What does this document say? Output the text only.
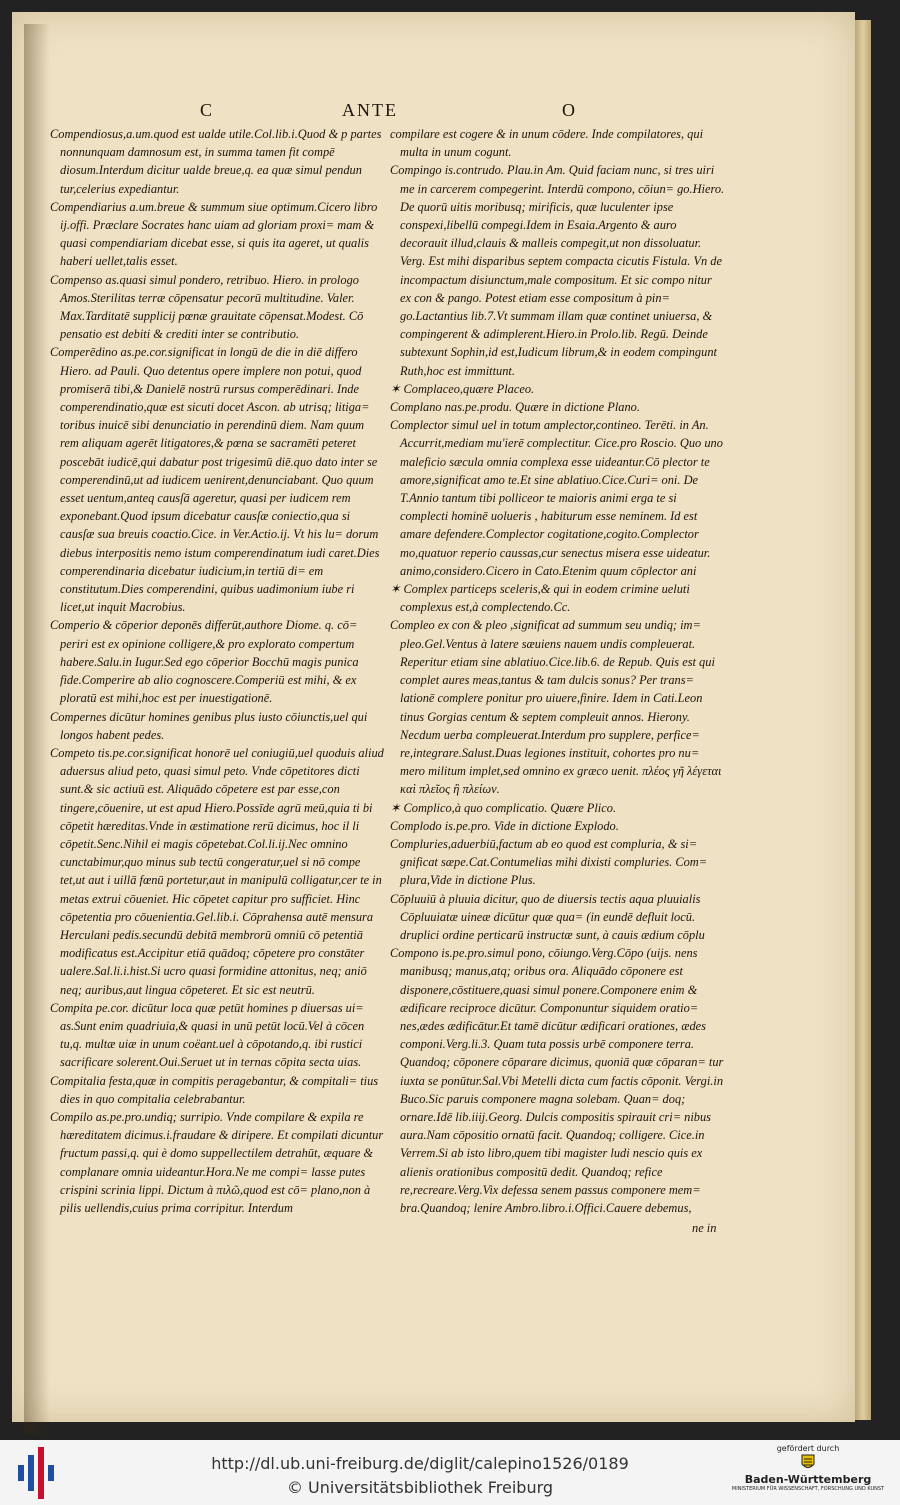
C	ANTE	O

Compendiosus,a.um.quod est ualde utile.Col.lib.i.Quod & p partes nonnunquam damnosum est, in summa tamen fit compē diosum.Interdum dicitur ualde breue,q. ea quæ simul pendun tur,celerius expediantur.

Compendiarius a.um.breue & summum siue optimum.Cicero libro ij.offi. Præclare Socrates hanc uiam ad gloriam proxi= mam & quasi compendiariam dicebat esse, si quis ita ageret, ut qualis haberi uellet,talis esset.

Compenso as.quasi simul pondero, retribuo. Hiero. in prologo Amos.Sterilitas terræ cōpensatur pecorū multitudine. Valer. Max.Tarditatē supplicij pœnæ grauitate cōpensat.Modest. Cō pensatio est debiti & crediti inter se contributio.

Comperēdino as.pe.cor.significat in longū de die in diē differo Hiero. ad Pauli. Quo detentus opere implere non potui, quod promiserā tibi,& Danielē nostrū rursus comperēdinari. Inde comperendinatio,quæ est sicuti docet Ascon. ab utrisq; litiga= toribus inuicē sibi denunciatio in perendinū diem. Nam quum rem aliquam agerēt litigatores,& pœna se sacramēti peteret poscebāt iudicē,qui dabatur post trigesimū diē.quo dato inter se comperendinū,ut ad iudicem uenirent,denunciabant. Quo quum esset uentum,anteq causſā ageretur, quasi per iudicem rem exponebant.Quod ipsum dicebatur causſæ coniectio,qua si causſæ sua breuis coactio.Cice. in Ver.Actio.ij. Vt his lu= dorum diebus interpositis nemo istum comperendinatum iudi caret.Dies comperendinaria dicebatur iudicium,in tertiū di= em constitutum.Dies comperendini, quibus uadimonium iube ri licet,ut inquit Macrobius.

Comperio & cōperior deponēs differūt,authore Diome. q. cō= periri est ex opinione colligere,& pro explorato compertum habere.Salu.in Iugur.Sed ego cōperior Bocchū magis punica fide.Comperire ab alio cognoscere.Comperiū est mihi, & ex ploratū est mihi,hoc est per inuestigationē.

Compernes dicūtur homines genibus plus iusto cōiunctis,uel qui longos habent pedes.

Competo tis.pe.cor.significat honorē uel coniugiū,uel quoduis aliud aduersus aliud peto, quasi simul peto. Vnde cōpetitores dicti sunt.& sic actiuū est. Aliquādo cōpetere est par esse,con tingere,cōuenire, ut est apud Hiero.Possīde agrū meū,quia ti bi cōpetit hæreditas.Vnde in æstimatione rerū dicimus, hoc il li cōpetit.Senc.Nihil ei magis cōpetebat.Col.li.ij.Nec omnino cunctabimur,quo minus sub tectū congeratur,uel si nō compe tet,ut aut i uillā fœnū portetur,aut in manipulū colligatur,cer te in metas extrui cōueniet. Hic cōpetet capitur pro sufficiet. Hinc cōpetentia pro cōuenientia.Gel.lib.i. Cōprahensa autē mensura Herculani pedis.secundū debitā membrorū omniū cō petentiā modificatus est.Accipitur etiā quādoq; cōpetere pro constāter ualere.Sal.li.i.hist.Si ucro quasi formidine attonitus, neq; aniō neq; auribus,aut lingua cōpeteret. Et sic est neutrū.

Compita pe.cor. dicūtur loca quæ petūt homines p diuersas ui= as.Sunt enim quadriuia,& quasi in unū petūt locū.Vel à cōcen tu,q. multæ uiæ in unum coëant.uel à cōpotando,q. ibi rustici sacrificare solerent.Oui.Seruet ut in ternas cōpita secta uias.

Compitalia festa,quæ in compitis peragebantur, & compitali= tius dies in quo compitalia celebrabantur.

Compilo as.pe.pro.undiq; surripio. Vnde compilare & expila re hæreditatem dicimus.i.fraudare & diripere. Et compilati dicuntur fructum passi,q. qui è domo suppellectilem detrahūt, æquare & complanare omnia uideantur.Hora.Ne me compi= lasse putes crispini scrinia lippi. Dictum à πιλῶ,quod est cō= plano,non à pilis uellendis,cuius prima corripitur. Interdum

compilare est cogere & in unum cōdere. Inde compilatores, qui multa in unum cogunt.

Compingo is.contrudo. Plau.in Am. Quid faciam nunc, si tres uiri me in carcerem compegerint. Interdū compono, cōiun= go.Hiero. De quorū uitis moribusq; mirificis, quæ luculenter ipse conspexi,libellū compegi.Idem in Esaia.Argento & auro decorauit illud,clauis & malleis compegit,ut non dissoluatur. Verg. Est mihi disparibus septem compacta cicutis Fistula. Vn de incompactum disiunctum,male compositum. Et sic compo nitur ex con & pango. Potest etiam esse compositum à pin= go.Lactantius lib.7.Vt summam illam quæ continet uniuersa, & compingerent & adimplerent.Hiero.in Prolo.lib. Regū. Deinde subtexunt Sophin,id est,Iudicum librum,& in eodem compingunt Ruth,hoc est immittunt.

✶ Complaceo,quære Placeo.

Complano nas.pe.produ. Quære in dictione Plano.

Complector simul uel in totum amplector,contineo. Terēti. in An. Accurrit,mediam mu'ierē complectitur. Cice.pro Roscio. Quo uno maleficio sæcula omnia complexa esse uideantur.Cō plector te amore,significat amo te.Et sine ablatiuo.Cice.Curi= oni. De T.Annio tantum tibi polliceor te maioris animi erga te si complecti hominē uolueris , habiturum esse neminem. Id est amare defendere.Complector cogitatione,cogito.Complector mo,quatuor reperio caussas,cur senectus misera esse uideatur. animo,considero.Cicero in Cato.Etenim quum cōplector ani

✶ Complex particeps sceleris,& qui in eodem crimine ueluti complexus est,à complectendo.Cc.

Compleo ex con & pleo ,significat ad summum seu undiq; im= pleo.Gel.Ventus à latere sæuiens nauem undis compleuerat. Reperitur etiam sine ablatiuo.Cice.lib.6. de Repub. Quis est qui complet aures meas,tantus & tam dulcis sonus? Per trans= lationē complere ponitur pro uiuere,finire. Idem in Cati.Leon tinus Gorgias centum & septem compleuit annos. Hierony. Necdum uerba compleuerat.Interdum pro supplere, perfice= re,integrare.Salust.Duas legiones instituit, cohortes pro nu= mero militum implet,sed omnino ex græco uenit. πλέος γῆ λέγεται καὶ πλεῖος ἢ πλείων.

✶ Complico,à quo complicatio. Quære Plico.

Complodo is.pe.pro. Vide in dictione Explodo.

Compluries,aduerbiū,factum ab eo quod est compluria, & si= gnificat sæpe.Cat.Contumelias mihi dixisti compluries. Com= plura,Vide in dictione Plus.

Cōpluuiū à pluuia dicitur, quo de diuersis tectis aqua pluuialis Cōpluuiatæ uineæ dicūtur quæ qua= (in eundē defluit locū. druplici ordine perticarū instructæ sunt, à cauis ædium cōplu

Compono is.pe.pro.simul pono, cōiungo.Verg.Cōpo (uijs. nens manibusq; manus,atq; oribus ora. Aliquādo cōponere est disponere,cōstituere,quasi simul ponere.Componere enim & ædificare reciproce dicūtur. Componuntur siquidem oratio= nes,ædes ædificātur.Et tamē dicūtur ædificari orationes, ædes componi.Verg.li.3. Quam tuta possis urbē componere terra. Quandoq; cōponere cōparare dicimus, quoniā quæ cōparan= tur iuxta se ponūtur.Sal.Vbi Metelli dicta cum factis cōponit. Vergi.in Buco.Sic paruis componere magna solebam. Quan= doq; ornare.Idē lib.iiij.Georg. Dulcis compositis spirauit cri= nibus aura.Nam cōpositio ornatū facit. Quandoq; colligere. Cice.in Verrem.Si ab isto libro,quem tibi magister ludi nescio quis ex alienis orationibus compositū dedit. Quandoq; refice re,recreare.Verg.Vix defessa senem passus componere mem= bra.Quandoq; lenire Ambro.libro.i.Offici.Cauere debemus,

ne in
http://dl.ub.uni-freiburg.de/diglit/calepino1526/0189
© Universitätsbibliothek Freiburg
gefördert durch
Baden-Württemberg
MINISTERIUM FÜR WISSENSCHAFT, FORSCHUNG UND KUNST
